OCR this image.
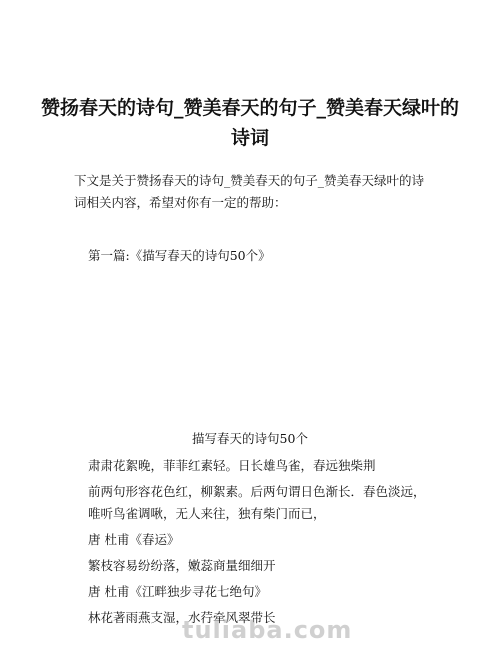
赞扬春天的诗句_赞美春天的句子_赞美春天绿叶的诗词

下文是关于赞扬春天的诗句_赞美春天的句子_赞美春天绿叶的诗词相关内容，希望对你有一定的帮助：

第一篇:《描写春天的诗句50个》

描写春天的诗句50个

肃肃花絮晚，菲菲红素轻。日长雄鸟雀，春远独柴荆
前两句形容花色红，柳絮素。后两句谓日色渐长．春色淡远，唯听鸟雀调啾，无人来往，独有柴门而已，
唐 杜甫《春运》
繁枝容易纷纷落，嫩蕊商量细细开
唐 杜甫《江畔独步寻花七绝句》
林花著雨燕支湿，水荇牵风翠带长
tuliaba.com
